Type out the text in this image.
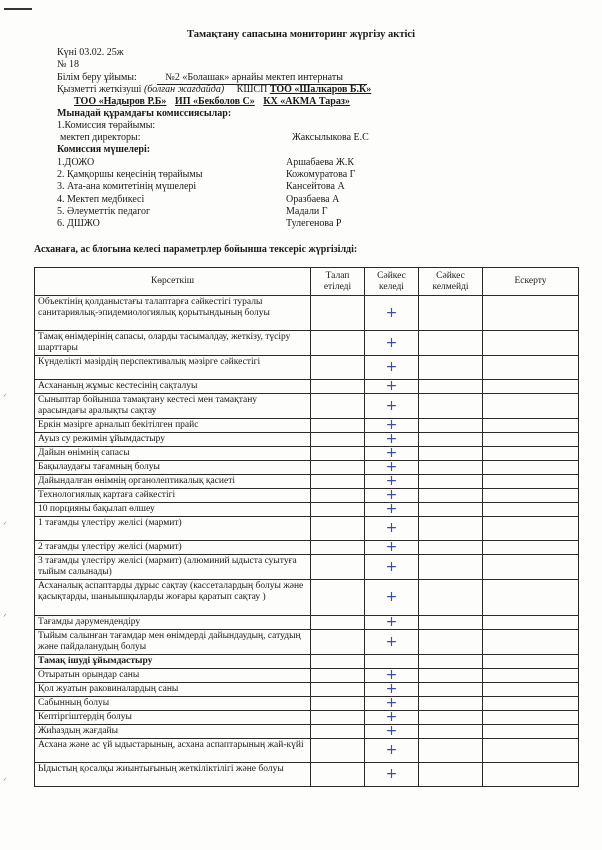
Тамақтану сапасына мониторинг жүргізу актісі
Күні 03.02. 25ж
№ 18
Білім беру ұйымы:	№2 «Болашак» арнайы мектеп интернаты
Қызметті жеткізуші (болған жағдайда) КШСП ТОО «Шалкаров Б.К»
ТОО «Надыров Р.Б» ИП «Бекболов С» КХ «АКМА Тараз»
Мынадай құрамдағы комиссиясылар:
1.Комиссия төрайымы:
мектеп директоры:	Жаксылыкова Е.С
Комиссия мүшелері:
1.ДОЖО	Аршабаева Ж.К
2. Қамқоршы кеңесінің төрайымы	Кожомуратова Г
3. Ата-ана комитетінің мүшелері	Кансейтова А
4. Мектеп медбикесі	Оразбаева А
5. Әлеуметтік педагог	Мадали Г
6. ДШЖО	Тулегенова Р
Асханаға, ас блогына келесі параметрлер бойынша тексеріс жүргізілді:
ᐟ
ᐟ
ᐟ
ᐟ
Көрсеткіш	Талап етіледі	Сәйкес келеді	Сәйкес келмейді	Ескерту
Объектінің қолданыстағы талаптарға сәйкестігі туралы санитариялық-эпидемиологиялық қорытындының болуы		+		
Тамақ өнімдерінің сапасы, оларды тасымалдау, жеткізу, түсіру шарттары		+		
Күнделікті мәзірдің перспективалық мәзірге сәйкестігі		+		
Асхананың жұмыс кестесінің сақталуы		+		
Сыныптар бойынша тамақтану кестесі мен тамақтану арасындағы аралықты сақтау		+		
Еркін мәзірге арналып бекітілген прайс		+		
Ауыз су режимін ұйымдастыру		+		
Дайын өнімнің сапасы		+		
Бақылаудағы тағамның болуы		+		
Дайындалған өнімнің органолептикалық қасиеті		+		
Технологиялық картаға сәйкестігі		+		
10 порцияны бақылап өлшеу		+		
1 тағамды үлестіру желісі (мармит)		+		
2 тағамды үлестіру желісі (мармит)		+		
3 тағамды үлестіру желісі (мармит) (алюминий ыдыста суытуға тыйым салынады)		+		
Асханалық аспаптарды дұрыс сақтау (кассеталардың болуы және қасықтарды, шаныышқыларды жоғары қаратып сақтау )		+		
Тағамды дәрумендендіру		+		
Тыйым салынған тағамдар мен өнімдерді дайындаудың, сатудың және пайдаланудың болуы		+		
Тамақ ішуді ұйымдастыру				
Отыратын орындар саны		+		
Қол жуатын раковиналардың саны		+		
Сабынның болуы		+		
Кептіргіштердің болуы		+		
Жиһаздың жағдайы		+		
Асхана және ас үй ыдыстарының, асхана аспаптарының жай-күйі		+		
Ыдыстың қосалқы жиынтығының жеткіліктілігі және болуы		+		
